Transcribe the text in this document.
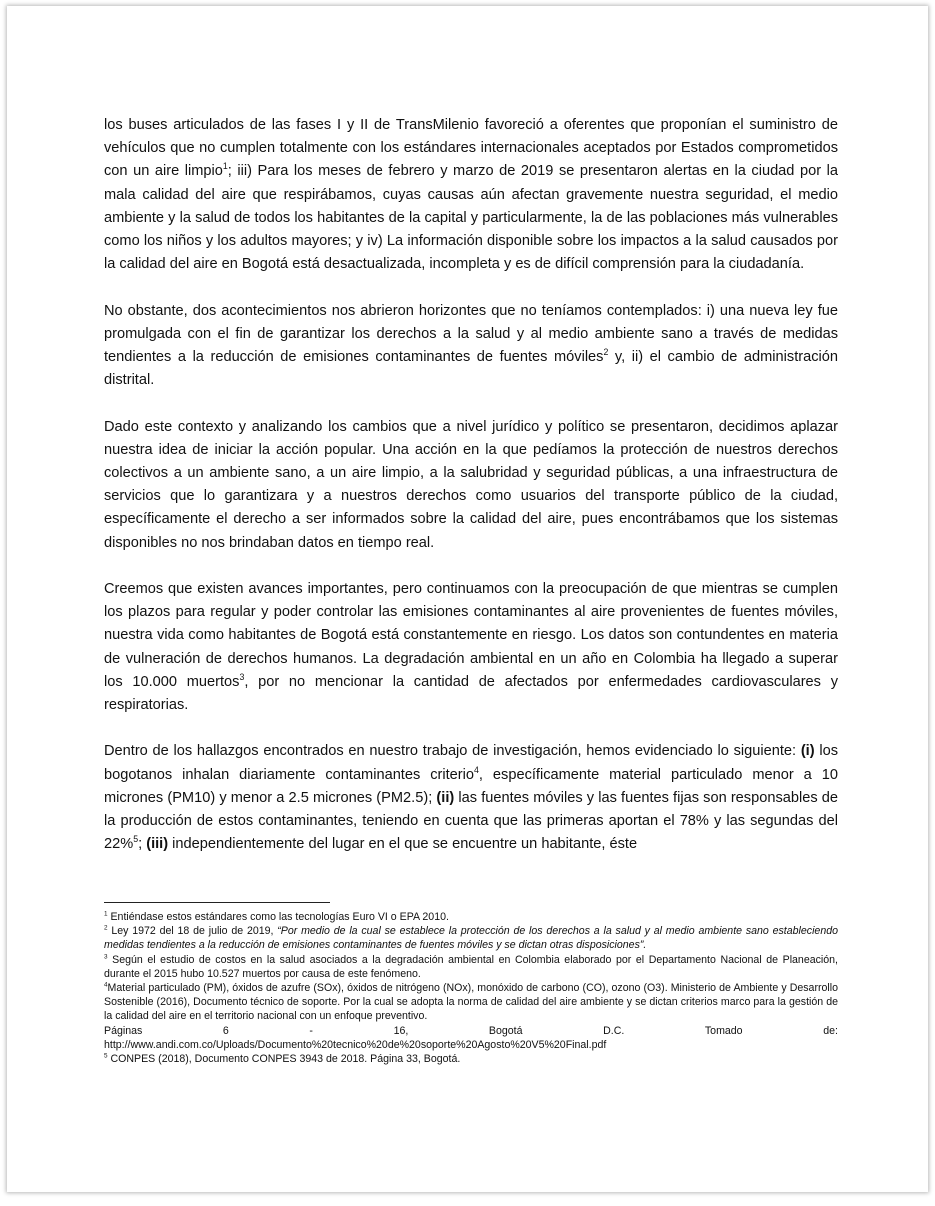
los buses articulados de las fases I y II de TransMilenio favoreció a oferentes que proponían el suministro de vehículos que no cumplen totalmente con los estándares internacionales aceptados por Estados comprometidos con un aire limpio$^1$; iii) Para los meses de febrero y marzo de 2019 se presentaron alertas en la ciudad por la mala calidad del aire que respirábamos, cuyas causas aún afectan gravemente nuestra seguridad, el medio ambiente y la salud de todos los habitantes de la capital y particularmente, la de las poblaciones más vulnerables como los niños y los adultos mayores; y iv) La información disponible sobre los impactos a la salud causados por la calidad del aire en Bogotá está desactualizada, incompleta y es de difícil comprensión para la ciudadanía.

No obstante, dos acontecimientos nos abrieron horizontes que no teníamos contemplados: i) una nueva ley fue promulgada con el fin de garantizar los derechos a la salud y al medio ambiente sano a través de medidas tendientes a la reducción de emisiones contaminantes de fuentes móviles$^2$ y, ii) el cambio de administración distrital.

Dado este contexto y analizando los cambios que a nivel jurídico y político se presentaron, decidimos aplazar nuestra idea de iniciar la acción popular. Una acción en la que pedíamos la protección de nuestros derechos colectivos a un ambiente sano, a un aire limpio, a la salubridad y seguridad públicas, a una infraestructura de servicios que lo garantizara y a nuestros derechos como usuarios del transporte público de la ciudad, específicamente el derecho a ser informados sobre la calidad del aire, pues encontrábamos que los sistemas disponibles no nos brindaban datos en tiempo real.

Creemos que existen avances importantes, pero continuamos con la preocupación de que mientras se cumplen los plazos para regular y poder controlar las emisiones contaminantes al aire provenientes de fuentes móviles, nuestra vida como habitantes de Bogotá está constantemente en riesgo. Los datos son contundentes en materia de vulneración de derechos humanos. La degradación ambiental en un año en Colombia ha llegado a superar los 10.000 muertos$^3$, por no mencionar la cantidad de afectados por enfermedades cardiovasculares y respiratorias.

Dentro de los hallazgos encontrados en nuestro trabajo de investigación, hemos evidenciado lo siguiente: (i) los bogotanos inhalan diariamente contaminantes criterio$^4$, específicamente material particulado menor a 10 micrones (PM10) y menor a 2.5 micrones (PM2.5); (ii) las fuentes móviles y las fuentes fijas son responsables de la producción de estos contaminantes, teniendo en cuenta que las primeras aportan el 78% y las segundas del 22%$^5$; (iii) independientemente del lugar en el que se encuentre un habitante, éste

$^1$ Entiéndase estos estándares como las tecnologías Euro VI o EPA 2010.
$^2$ Ley 1972 del 18 de julio de 2019, “Por medio de la cual se establece la protección de los derechos a la salud y al medio ambiente sano estableciendo medidas tendientes a la reducción de emisiones contaminantes de fuentes móviles y se dictan otras disposiciones”.
$^3$ Según el estudio de costos en la salud asociados a la degradación ambiental en Colombia elaborado por el Departamento Nacional de Planeación, durante el 2015 hubo 10.527 muertos por causa de este fenómeno.
$^4$Material particulado (PM), óxidos de azufre (SOx), óxidos de nitrógeno (NOx), monóxido de carbono (CO), ozono (O3). Ministerio de Ambiente y Desarrollo Sostenible (2016), Documento técnico de soporte. Por la cual se adopta la norma de calidad del aire ambiente y se dictan criterios marco para la gestión de la calidad del aire en el territorio nacional con un enfoque preventivo.
Páginas	6	-	16,	Bogotá	D.C.	Tomado	de:
http://www.andi.com.co/Uploads/Documento%20tecnico%20de%20soporte%20Agosto%20V5%20Final.pdf
$^5$ CONPES (2018), Documento CONPES 3943 de 2018. Página 33, Bogotá.
